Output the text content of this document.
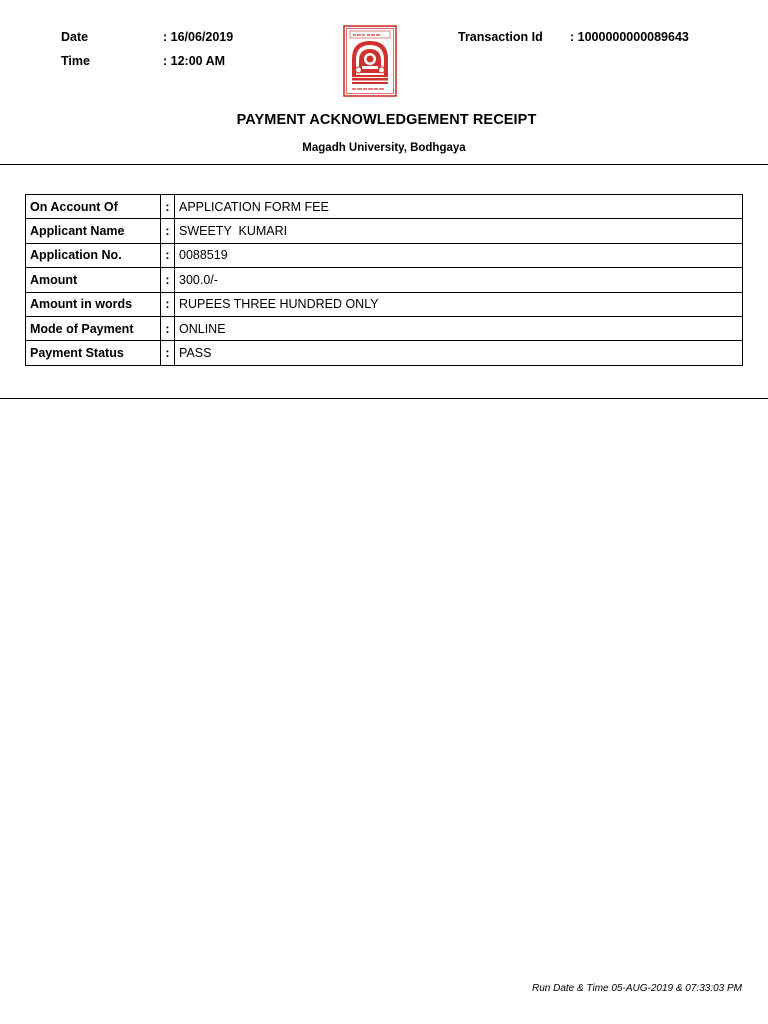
Date	: 16/06/2019
Time	: 12:00 AM
Transaction Id : 1000000000089643
PAYMENT ACKNOWLEDGEMENT RECEIPT
Magadh University, Bodhgaya
On Account Of	:	APPLICATION FORM FEE
Applicant Name	:	SWEETY  KUMARI
Application No.	:	0088519
Amount	:	300.0/-
Amount in words	:	RUPEES THREE HUNDRED ONLY
Mode of Payment	:	ONLINE
Payment Status	:	PASS
Run Date & Time 05-AUG-2019 & 07:33:03 PM
